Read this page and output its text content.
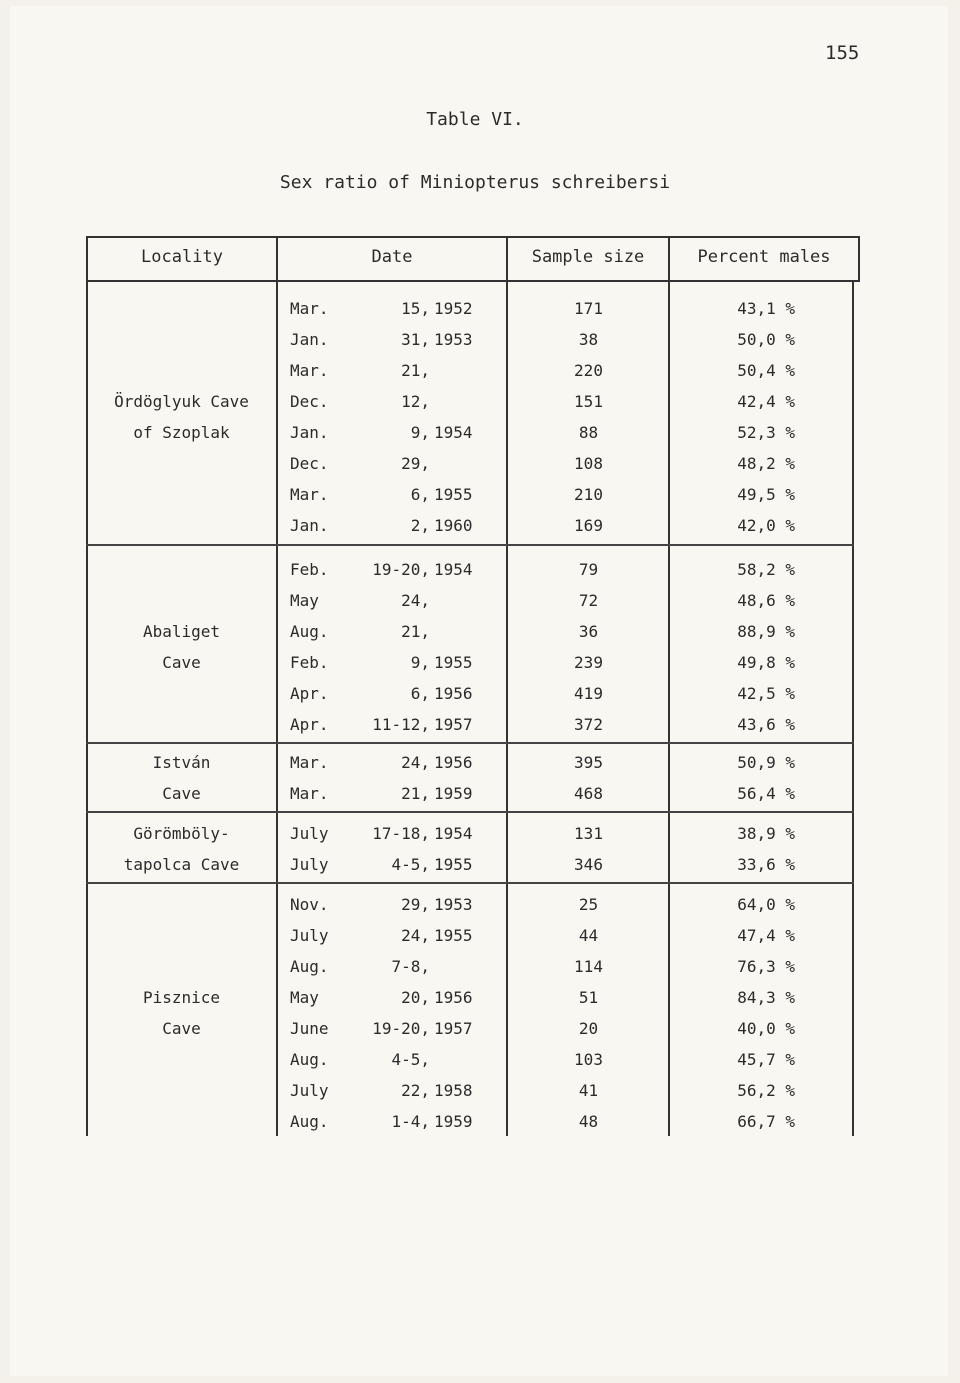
155
Table VI.
Sex ratio of Miniopterus schreibersi
Locality	Date	Sample size	Percent males
Ördöglyuk Cave
of Szoplak
Mar.	15, 1952	171	43,1 %
Jan.	31, 1953	38	50,0 %
Mar.	21,	220	50,4 %
Dec.	12,	151	42,4 %
Jan.	9, 1954	88	52,3 %
Dec.	29,	108	48,2 %
Mar.	6, 1955	210	49,5 %
Jan.	2, 1960	169	42,0 %
Abaliget
Cave
Feb.	19-20, 1954	79	58,2 %
May	24,	72	48,6 %
Aug.	21,	36	88,9 %
Feb.	9, 1955	239	49,8 %
Apr.	6, 1956	419	42,5 %
Apr.	11-12, 1957	372	43,6 %
István
Cave
Mar.	24, 1956	395	50,9 %
Mar.	21, 1959	468	56,4 %
Görömböly-
tapolca Cave
July	17-18, 1954	131	38,9 %
July	4-5, 1955	346	33,6 %
Pisznice
Cave
Nov.	29, 1953	25	64,0 %
July	24, 1955	44	47,4 %
Aug.	7-8,	114	76,3 %
May	20, 1956	51	84,3 %
June	19-20, 1957	20	40,0 %
Aug.	4-5,	103	45,7 %
July	22, 1958	41	56,2 %
Aug.	1-4, 1959	48	66,7 %
